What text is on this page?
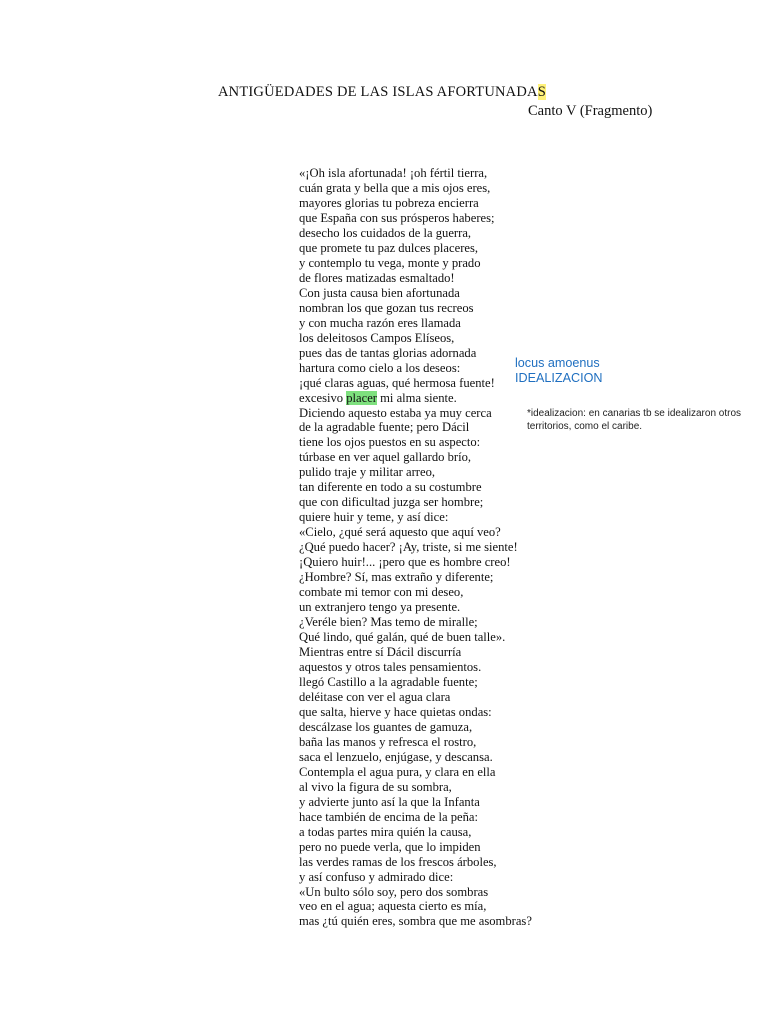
ANTIGÜEDADES DE LAS ISLAS AFORTUNADAS
Canto V (Fragmento)
«¡Oh isla afortunada! ¡oh fértil tierra,
cuán grata y bella que a mis ojos eres,
mayores glorias tu pobreza encierra
que España con sus prósperos haberes;
desecho los cuidados de la guerra,
que promete tu paz dulces placeres,
y contemplo tu vega, monte y prado
de flores matizadas esmaltado!
Con justa causa bien afortunada
nombran los que gozan tus recreos
y con mucha razón eres llamada
los deleitosos Campos Elíseos,
pues das de tantas glorias adornada
hartura como cielo a los deseos:
¡qué claras aguas, qué hermosa fuente!
excesivo placer mi alma siente.
Diciendo aquesto estaba ya muy cerca
de la agradable fuente; pero Dácil
tiene los ojos puestos en su aspecto:
túrbase en ver aquel gallardo brío,
pulido traje y militar arreo,
tan diferente en todo a su costumbre
que con dificultad juzga ser hombre;
quiere huir y teme, y así dice:
«Cielo, ¿qué será aquesto que aquí veo?
¿Qué puedo hacer? ¡Ay, triste, si me siente!
¡Quiero huir!... ¡pero que es hombre creo!
¿Hombre? Sí, mas extraño y diferente;
combate mi temor con mi deseo,
un extranjero tengo ya presente.
¿Veréle bien? Mas temo de miralle;
Qué lindo, qué galán, qué de buen talle».
Mientras entre sí Dácil discurría
aquestos y otros tales pensamientos.
llegó Castillo a la agradable fuente;
deléitase con ver el agua clara
que salta, hierve y hace quietas ondas:
descálzase los guantes de gamuza,
baña las manos y refresca el rostro,
saca el lenzuelo, enjúgase, y descansa.
Contempla el agua pura, y clara en ella
al vivo la figura de su sombra,
y advierte junto así la que la Infanta
hace también de encima de la peña:
a todas partes mira quién la causa,
pero no puede verla, que lo impiden
las verdes ramas de los frescos árboles,
y así confuso y admirado dice:
«Un bulto sólo soy, pero dos sombras
veo en el agua; aquesta cierto es mía,
mas ¿tú quién eres, sombra que me asombras?
locus amoenus
IDEALIZACION
*idealizacion: en canarias tb se idealizaron otros territorios, como el caribe.
